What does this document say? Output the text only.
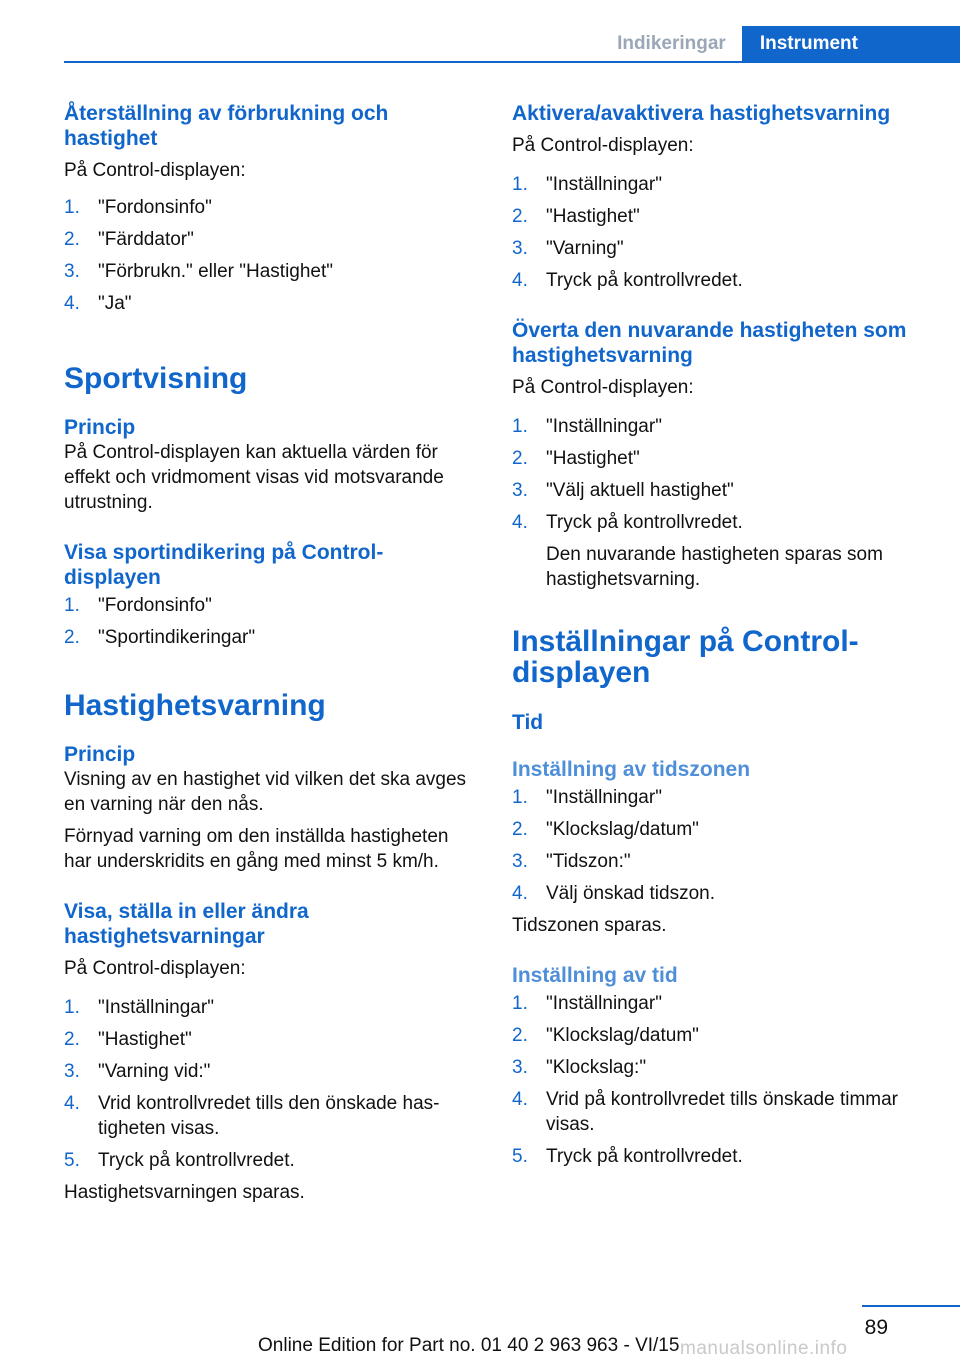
Indikeringar	Instrument
Återställning av förbrukning och hastighet

På Control-displayen:

1. "Fordonsinfo"
2. "Färddator"
3. "Förbrukn." eller "Hastighet"
4. "Ja"
Sportvisning
Princip

På Control-displayen kan aktuella värden för effekt och vridmoment visas vid motsvarande utrustning.

Visa sportindikering på Control-displayen
1. "Fordonsinfo"
2. "Sportindikeringar"
Hastighetsvarning
Princip

Visning av en hastighet vid vilken det ska avges en varning när den nås.

Förnyad varning om den inställda hastigheten har underskridits en gång med minst 5 km/h.

Visa, ställa in eller ändra hastighetsvarningar

På Control-displayen:

1. "Inställningar"
2. "Hastighet"
3. "Varning vid:"
4. Vrid kontrollvredet tills den önskade hastigheten visas.
5. Tryck på kontrollvredet.

Hastighetsvarningen sparas.

Aktivera/avaktivera hastighetsvarning

På Control-displayen:

1. "Inställningar"
2. "Hastighet"
3. "Varning"
4. Tryck på kontrollvredet.
Överta den nuvarande hastigheten som hastighetsvarning

På Control-displayen:

1. "Inställningar"
2. "Hastighet"
3. "Välj aktuell hastighet"
4. Tryck på kontrollvredet.

Den nuvarande hastigheten sparas som hastighetsvarning.

Inställningar på Control-displayen
Tid
Inställning av tidszonen
1. "Inställningar"
2. "Klockslag/datum"
3. "Tidszon:"
4. Välj önskad tidszon.

Tidszonen sparas.

Inställning av tid
1. "Inställningar"
2. "Klockslag/datum"
3. "Klockslag:"
4. Vrid på kontrollvredet tills önskade timmar visas.
5. Tryck på kontrollvredet.
89
Online Edition for Part no. 01 40 2 963 963 - VI/15 manualsonline.info
